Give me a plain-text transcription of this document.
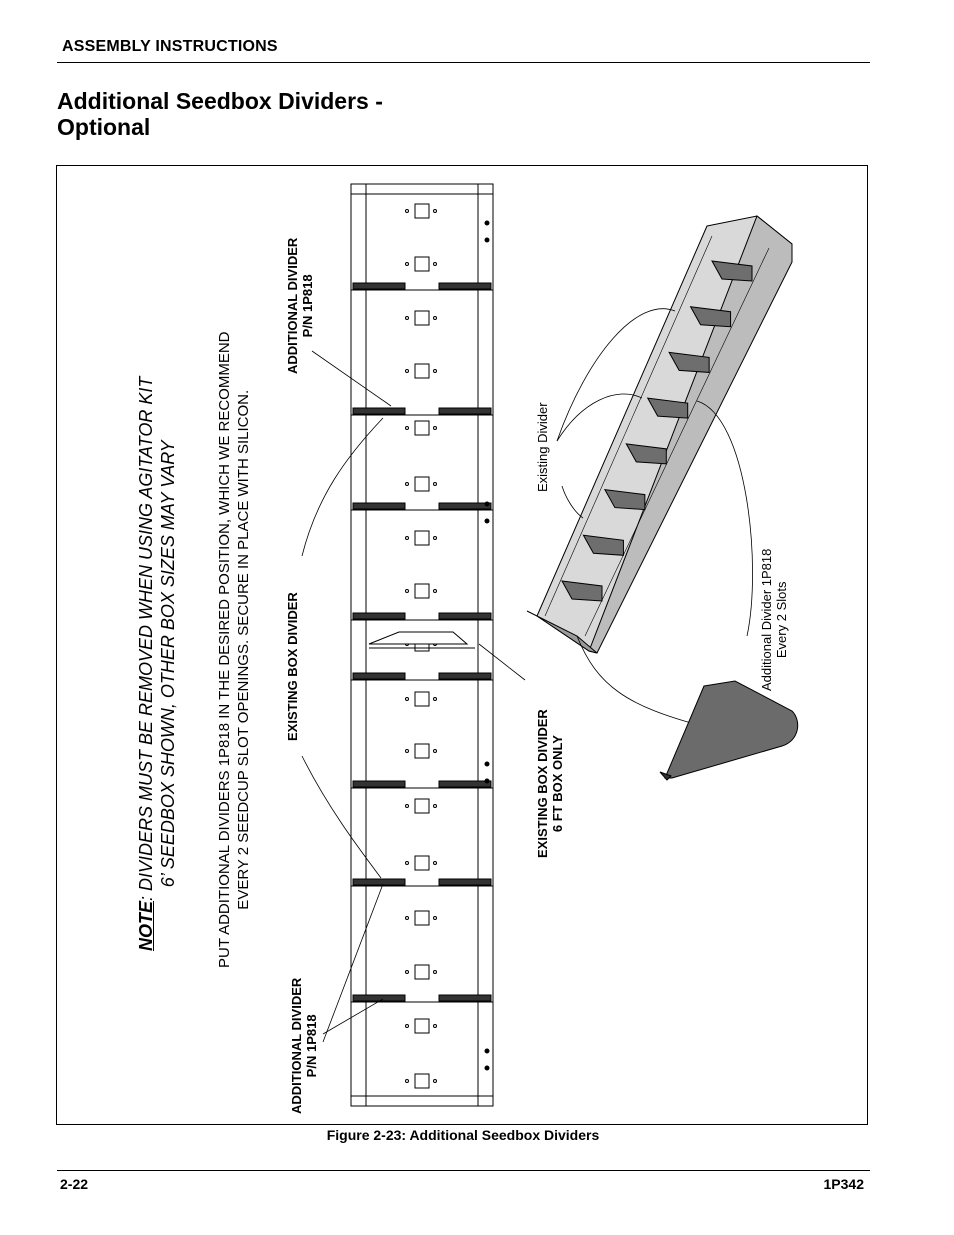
ASSEMBLY INSTRUCTIONS
Additional Seedbox Dividers -
Optional
NOTE: DIVIDERS MUST BE REMOVED WHEN USING AGITATOR KIT 6’ SEEDBOX SHOWN, OTHER BOX SIZES MAY VARY	PUT ADDITIONAL DIVIDERS 1P818 IN THE DESIRED POSITION, WHICH WE RECOMMEND EVERY 2 SEEDCUP SLOT OPENINGS. SECURE IN PLACE WITH SILICON.
ADDITIONAL DIVIDER P/N 1P818
EXISTING BOX DIVIDER
ADDITIONAL DIVIDER P/N 1P818
EXISTING BOX DIVIDER 6 FT BOX ONLY
Existing Divider
Additional Divider 1P818 Every 2 Slots
Figure 2-23: Additional Seedbox Dividers
2-22	1P342
